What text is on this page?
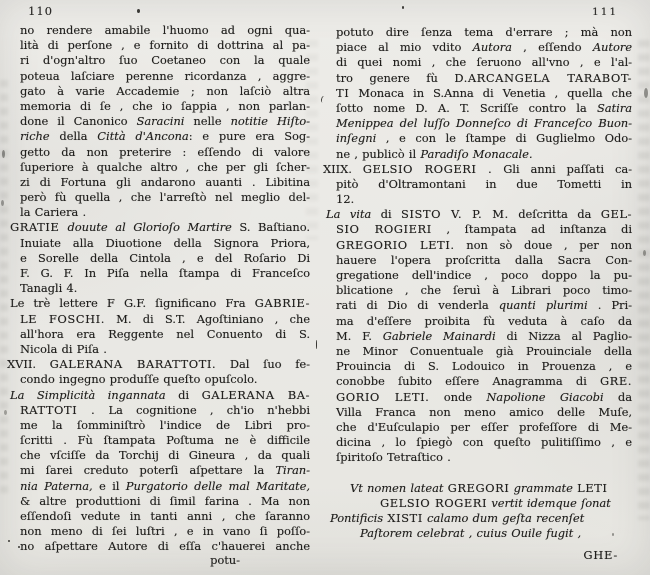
110	111
no rendere amabile l'huomo ad ogni qua-
lità di perſone , e fornito di dottrina al pa-
ri d'ogn'altro ſuo Coetaneo con la quale
poteua laſciare perenne ricordanza , aggre-
gato à varie Accademie ; non laſciò altra
memoria di ſe , che io ſappia , non parlan-
done il Canonico Saracini nelle notitie Hiſto-
riche della Città d'Ancona: e pure era Sog-
getto da non preterire : eſſendo di valore
ſuperiore à qualche altro , che per gli ſcher-
zi di Fortuna gli andarono auanti . Libitina
però fù quella , che l'arreſtò nel meglio del-
la Cariera .
GRATIE douute al Glorioſo Martire S. Baſtiano.
Inuiate alla Diuotione della Signora Priora,
e Sorelle della Cintola , e del Roſario Di
F. G. F. In Piſa nella ſtampa di Franceſco
Tanagli 4.
Le trè lettere F G.F. ſignificano Fra GABRIE-
LE FOSCHI. M. di S.T. Agoſtiniano , che
all'hora era Reggente nel Conuento di S.
Nicola di Piſa .
XVII. GALERANA BARATTOTI. Dal ſuo fe-
condo ingegno produſſe queſto opuſcolo.
La Simplicità ingannata di GALERANA BA-
RATTOTI . La cognitione , ch'io n'hebbi
me la ſomminiſtrò l'indice de Libri pro-
ſcritti . Fù ſtampata Poſtuma ne è difficile
che vſciſſe da Torchij di Gineura , da quali
mi ſarei creduto poterſi aſpettare la Tiran-
nia Paterna, e il Purgatorio delle mal Maritate,
& altre produttioni di ſimil farina . Ma non
eſſendoſi vedute in tanti anni , che ſaranno
non meno di ſei luſtri , e in vano ſi poſſo-
no aſpettare Autore di eſſa c'hauerei anche
potuto dire ſenza tema d'errare ; mà non
piace al mio vdito Autora , eſſendo Autore
di quei nomi , che ſeruono all'vno , e l'al-
tro genere fù D.ARCANGELA TARABOT-
TI Monaca in S.Anna di Venetia , quella che
ſotto nome D. A. T. Scriſſe contro la Satira
Menippea del luſſo Donneſco di Franceſco Buon-
inſegni , e con le ſtampe di Guglielmo Odo-
ne , publicò il Paradiſo Monacale.
XIIX. GELSIO ROGERI . Gli anni paſſati ca-
pitò d'Oltramontani in due Tometti in
12.
La vita di SISTO V. P. M. deſcritta da GEL-
SIO ROGIERI , ſtampata ad inſtanza di
GREGORIO LETI. non sò doue , per non
hauere l'opera proſcritta dalla Sacra Con-
gregatione dell'indice , poco doppo la pu-
blicatione , che ſeruì à Librari poco timo-
rati di Dio di venderla quanti plurimi . Pri-
ma d'eſſere proibita fù veduta à caſo da
M. F. Gabriele Mainardi di Nizza al Paglio-
ne Minor Conuentuale già Prouinciale della
Prouincia di S. Lodouico in Prouenza , e
conobbe ſubito eſſere Anagramma di GRE.
GORIO LETI. onde Napolione Giacobi da
Villa Franca non meno amico delle Muſe,
che d'Euſculapio per eſſer profeſſore di Me-
dicina , lo ſpiegò con queſto pulitiſſimo , e
ſpiritoſo Tetraſtico .
Vt nomen lateat GREGORI grammate LETI
GELSIO ROGERI vertit idemque ſonat
Pontificis XISTI calamo dum geſta recenſet
Paſtorem celebrat , cuius Ouile fugit ,
potu-	GHE-
